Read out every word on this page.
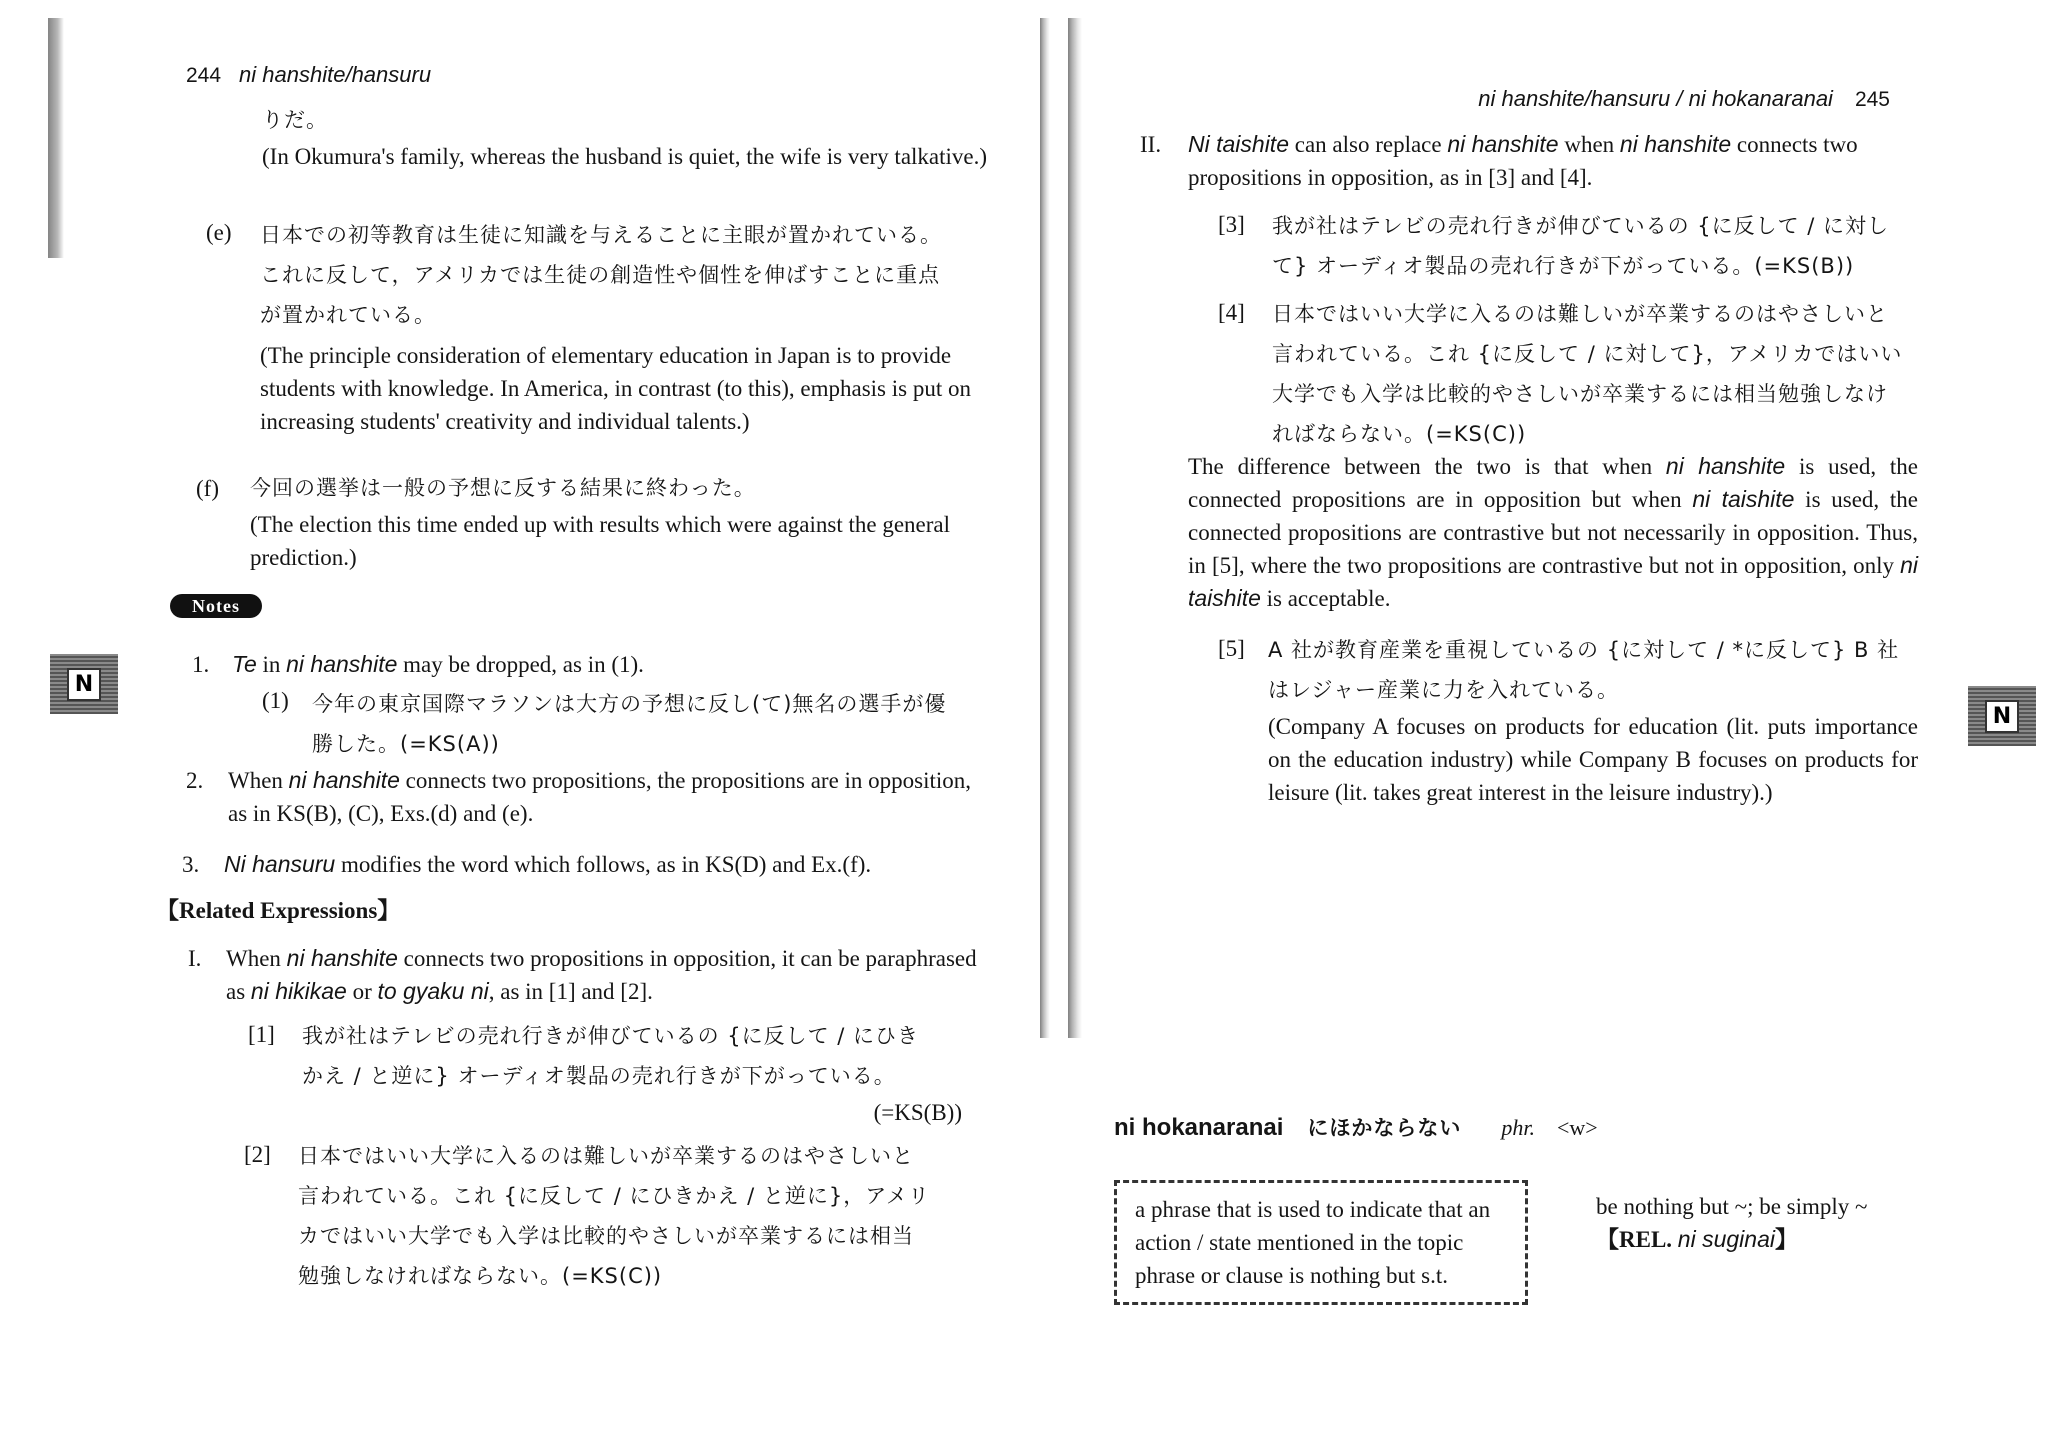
244 ni hanshite/hansuru
りだ。
(In Okumura's family, whereas the husband is quiet, the wife is very talkative.)
(e) 日本での初等教育は生徒に知識を与えることに主眼が置かれている。
これに反して，アメリカでは生徒の創造性や個性を伸ばすことに重点
が置かれている。
(The principle consideration of elementary education in Japan is to provide students with knowledge. In America, in contrast (to this), emphasis is put on increasing students' creativity and individual talents.)
(f) 今回の選挙は一般の予想に反する結果に終わった。
(The election this time ended up with results which were against the general prediction.)
Notes
N
1. Te in ni hanshite may be dropped, as in (1).
(1) 今年の東京国際マラソンは大方の予想に反し(て)無名の選手が優
勝した。(=KS(A))
2. When ni hanshite connects two propositions, the propositions are in opposition, as in KS(B), (C), Exs.(d) and (e).
3. Ni hansuru modifies the word which follows, as in KS(D) and Ex.(f).
【Related Expressions】
I. When ni hanshite connects two propositions in opposition, it can be paraphrased as ni hikikae or to gyaku ni, as in [1] and [2].
[1] 我が社はテレビの売れ行きが伸びているの {に反して / にひき
かえ / と逆に} オーディオ製品の売れ行きが下がっている。
(=KS(B))
[2] 日本ではいい大学に入るのは難しいが卒業するのはやさしいと
言われている。これ {に反して / にひきかえ / と逆に}，アメリ
カではいい大学でも入学は比較的やさしいが卒業するには相当
勉強しなければならない。(=KS(C))
ni hanshite/hansuru / ni hokanaranai 245
II. Ni taishite can also replace ni hanshite when ni hanshite connects two propositions in opposition, as in [3] and [4].
[3] 我が社はテレビの売れ行きが伸びているの {に反して / に対し
て} オーディオ製品の売れ行きが下がっている。(=KS(B))
[4] 日本ではいい大学に入るのは難しいが卒業するのはやさしいと
言われている。これ {に反して / に対して}，アメリカではいい
大学でも入学は比較的やさしいが卒業するには相当勉強しなけ
ればならない。(=KS(C))
The difference between the two is that when ni hanshite is used, the connected propositions are in opposition but when ni taishite is used, the connected propositions are contrastive but not necessarily in opposition. Thus, in [5], where the two propositions are contrastive but not in opposition, only ni taishite is acceptable.
[5] A 社が教育産業を重視しているの {に対して / *に反して} B 社
はレジャー産業に力を入れている。
(Company A focuses on products for education (lit. puts importance on the education industry) while Company B focuses on products for leisure (lit. takes great interest in the leisure industry).)
N
ni hokanaranai にほかならない phr. <w>
a phrase that is used to indicate that an action / state mentioned in the topic phrase or clause is nothing but s.t.
be nothing but ~; be simply ~
【REL. ni suginai】
